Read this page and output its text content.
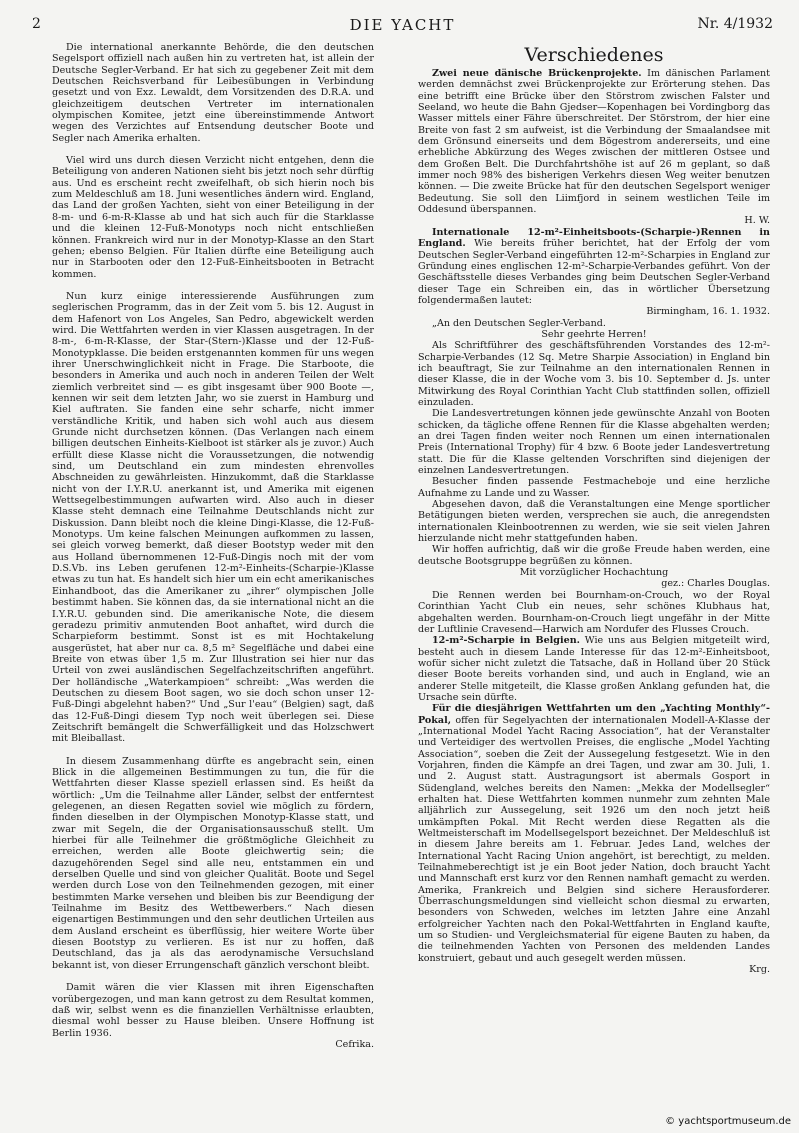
2	DIE YACHT	Nr. 4/1932

Die international anerkannte Behörde, die den deutschen Segelsport offiziell nach außen hin zu vertreten hat, ist allein der Deutsche Segler-Verband. Er hat sich zu gegebener Zeit mit dem Deutschen Reichsverband für Leibesübungen in Verbindung gesetzt und von Exz. Lewaldt, dem Vorsitzenden des D.R.A. und gleichzeitigem deutschen Vertreter im internationalen olympischen Komitee, jetzt eine übereinstimmende Antwort wegen des Verzichtes auf Entsendung deutscher Boote und Segler nach Amerika erhalten.

Viel wird uns durch diesen Verzicht nicht entgehen, denn die Beteiligung von anderen Nationen sieht bis jetzt noch sehr dürftig aus. Und es erscheint recht zweifelhaft, ob sich hierin noch bis zum Meldeschluß am 18. Juni wesentliches ändern wird. England, das Land der großen Yachten, sieht von einer Beteiligung in der 8-m- und 6-m-R-Klasse ab und hat sich auch für die Starklasse und die kleinen 12-Fuß-Monotyps noch nicht entschließen können. Frankreich wird nur in der Monotyp-Klasse an den Start gehen; ebenso Belgien. Für Italien dürfte eine Beteiligung auch nur in Starbooten oder den 12-Fuß-Einheitsbooten in Betracht kommen.

Nun kurz einige interessierende Ausführungen zum seglerischen Programm, das in der Zeit vom 5. bis 12. August in dem Hafenort von Los Angeles, San Pedro, abgewickelt werden wird. Die Wettfahrten werden in vier Klassen ausgetragen. In der 8-m-, 6-m-R-Klasse, der Star-(Stern-)Klasse und der 12-Fuß-Monotypklasse. Die beiden erstgenannten kommen für uns wegen ihrer Unerschwinglichkeit nicht in Frage. Die Starboote, die besonders in Amerika und auch noch in anderen Teilen der Welt ziemlich verbreitet sind — es gibt insgesamt über 900 Boote —, kennen wir seit dem letzten Jahr, wo sie zuerst in Hamburg und Kiel auftraten. Sie fanden eine sehr scharfe, nicht immer verständliche Kritik, und haben sich wohl auch aus diesem Grunde nicht durchsetzen können. (Das Verlangen nach einem billigen deutschen Einheits-Kielboot ist stärker als je zuvor.) Auch erfüllt diese Klasse nicht die Voraussetzungen, die notwendig sind, um Deutschland ein zum mindesten ehrenvolles Abschneiden zu gewährleisten. Hinzukommt, daß die Starklasse nicht von der I.Y.R.U. anerkannt ist, und Amerika mit eigenen Wettsegelbestimmungen aufwarten wird. Also auch in dieser Klasse steht demnach eine Teilnahme Deutschlands nicht zur Diskussion. Dann bleibt noch die kleine Dingi-Klasse, die 12-Fuß-Monotyps. Um keine falschen Meinungen aufkommen zu lassen, sei gleich vorweg bemerkt, daß dieser Bootstyp weder mit den aus Holland übernommenen 12-Fuß-Dingis noch mit der vom D.S.Vb. ins Leben gerufenen 12-m²-Einheits-(Scharpie-)Klasse etwas zu tun hat. Es handelt sich hier um ein echt amerikanisches Einhandboot, das die Amerikaner zu „ihrer“ olympischen Jolle bestimmt haben. Sie können das, da sie international nicht an die I.Y.R.U. gebunden sind. Die amerikanische Note, die diesem geradezu primitiv anmutenden Boot anhaftet, wird durch die Scharpieform bestimmt. Sonst ist es mit Hochtakelung ausgerüstet, hat aber nur ca. 8,5 m² Segelfläche und dabei eine Breite von etwas über 1,5 m. Zur Illustration sei hier nur das Urteil von zwei ausländischen Segelfachzeitschriften angeführt. Der holländische „Waterkampioen“ schreibt: „Was werden die Deutschen zu diesem Boot sagen, wo sie doch schon unser 12-Fuß-Dingi abgelehnt haben?“ Und „Sur l'eau“ (Belgien) sagt, daß das 12-Fuß-Dingi diesem Typ noch weit überlegen sei. Diese Zeitschrift bemängelt die Schwerfälligkeit und das Holzschwert mit Bleiballast.

In diesem Zusammenhang dürfte es angebracht sein, einen Blick in die allgemeinen Bestimmungen zu tun, die für die Wettfahrten dieser Klasse speziell erlassen sind. Es heißt da wörtlich: „Um die Teilnahme aller Länder, selbst der entferntest gelegenen, an diesen Regatten soviel wie möglich zu fördern, finden dieselben in der Olympischen Monotyp-Klasse statt, und zwar mit Segeln, die der Organisationsausschuß stellt. Um hierbei für alle Teilnehmer die größtmögliche Gleichheit zu erreichen, werden alle Boote gleichwertig sein; die dazugehörenden Segel sind alle neu, entstammen ein und derselben Quelle und sind von gleicher Qualität. Boote und Segel werden durch Lose von den Teilnehmenden gezogen, mit einer bestimmten Marke versehen und bleiben bis zur Beendigung der Teilnahme im Besitz des Wettbewerbers.“ Nach diesen eigenartigen Bestimmungen und den sehr deutlichen Urteilen aus dem Ausland erscheint es überflüssig, hier weitere Worte über diesen Bootstyp zu verlieren. Es ist nur zu hoffen, daß Deutschland, das ja als das aerodynamische Versuchsland bekannt ist, von dieser Errungenschaft gänzlich verschont bleibt.

Damit wären die vier Klassen mit ihren Eigenschaften vorübergezogen, und man kann getrost zu dem Resultat kommen, daß wir, selbst wenn es die finanziellen Verhältnisse erlaubten, diesmal wohl besser zu Hause bleiben. Unsere Hoffnung ist Berlin 1936.

Cefrika.

Verschiedenes

Zwei neue dänische Brückenprojekte. Im dänischen Parlament werden demnächst zwei Brückenprojekte zur Erörterung stehen. Das eine betrifft eine Brücke über den Störstrom zwischen Falster und Seeland, wo heute die Bahn Gjedser—Kopenhagen bei Vordingborg das Wasser mittels einer Fähre überschreitet. Der Störstrom, der hier eine Breite von fast 2 sm aufweist, ist die Verbindung der Smaalandsee mit dem Grönsund einerseits und dem Bögestrom andererseits, und eine erhebliche Abkürzung des Weges zwischen der mittleren Ostsee und dem Großen Belt. Die Durchfahrtshöhe ist auf 26 m geplant, so daß immer noch 98% des bisherigen Verkehrs diesen Weg weiter benutzen können. — Die zweite Brücke hat für den deutschen Segelsport weniger Bedeutung. Sie soll den Liimfjord in seinem westlichen Teile im Oddesund überspannen.

H. W.

Internationale 12-m²-Einheitsboots-(Scharpie-)Rennen in England. Wie bereits früher berichtet, hat der Erfolg der vom Deutschen Segler-Verband eingeführten 12-m²-Scharpies in England zur Gründung eines englischen 12-m²-Scharpie-Verbandes geführt. Von der Geschäftsstelle dieses Verbandes ging beim Deutschen Segler-Verband dieser Tage ein Schreiben ein, das in wörtlicher Übersetzung folgendermaßen lautet:

Birmingham, 16. 1. 1932.

„An den Deutschen Segler-Verband.

Sehr geehrte Herren!

Als Schriftführer des geschäftsführenden Vorstandes des 12-m²-Scharpie-Verbandes (12 Sq. Metre Sharpie Association) in England bin ich beauftragt, Sie zur Teilnahme an den internationalen Rennen in dieser Klasse, die in der Woche vom 3. bis 10. September d. Js. unter Mitwirkung des Royal Corinthian Yacht Club stattfinden sollen, offiziell einzuladen.

Die Landesvertretungen können jede gewünschte Anzahl von Booten schicken, da tägliche offene Rennen für die Klasse abgehalten werden; an drei Tagen finden weiter noch Rennen um einen internationalen Preis (International Trophy) für 4 bzw. 6 Boote jeder Landesvertretung statt. Die für die Klasse geltenden Vorschriften sind diejenigen der einzelnen Landesvertretungen.

Besucher finden passende Festmacheboje und eine herzliche Aufnahme zu Lande und zu Wasser.

Abgesehen davon, daß die Veranstaltungen eine Menge sportlicher Betätigungen bieten werden, versprechen sie auch, die anregendsten internationalen Kleinbootrennen zu werden, wie sie seit vielen Jahren hierzulande nicht mehr stattgefunden haben.

Wir hoffen aufrichtig, daß wir die große Freude haben werden, eine deutsche Bootsgruppe begrüßen zu können.

Mit vorzüglicher Hochachtung

gez.: Charles Douglas.

Die Rennen werden bei Bournham-on-Crouch, wo der Royal Corinthian Yacht Club ein neues, sehr schönes Klubhaus hat, abgehalten werden. Bournham-on-Crouch liegt ungefähr in der Mitte der Luftlinie Cravesend—Harwich am Nordufer des Flusses Crouch.

12-m²-Scharpie in Belgien. Wie uns aus Belgien mitgeteilt wird, besteht auch in diesem Lande Interesse für das 12-m²-Einheitsboot, wofür sicher nicht zuletzt die Tatsache, daß in Holland über 20 Stück dieser Boote bereits vorhanden sind, und auch in England, wie an anderer Stelle mitgeteilt, die Klasse großen Anklang gefunden hat, die Ursache sein dürfte.

Für die diesjährigen Wettfahrten um den „Yachting Monthly“-Pokal, offen für Segelyachten der internationalen Modell-A-Klasse der „International Model Yacht Racing Association“, hat der Veranstalter und Verteidiger des wertvollen Preises, die englische „Model Yachting Association“, soeben die Zeit der Aussegelung festgesetzt. Wie in den Vorjahren, finden die Kämpfe an drei Tagen, und zwar am 30. Juli, 1. und 2. August statt. Austragungsort ist abermals Gosport in Südengland, welches bereits den Namen: „Mekka der Modellsegler“ erhalten hat. Diese Wettfahrten kommen nunmehr zum zehnten Male alljährlich zur Aussegelung, seit 1926 um den noch jetzt heiß umkämpften Pokal. Mit Recht werden diese Regatten als die Weltmeisterschaft im Modellsegelsport bezeichnet. Der Meldeschluß ist in diesem Jahre bereits am 1. Februar. Jedes Land, welches der International Yacht Racing Union angehört, ist berechtigt, zu melden. Teilnahmeberechtigt ist je ein Boot jeder Nation, doch braucht Yacht und Mannschaft erst kurz vor den Rennen namhaft gemacht zu werden. Amerika, Frankreich und Belgien sind sichere Herausforderer. Überraschungsmeldungen sind vielleicht schon diesmal zu erwarten, besonders von Schweden, welches im letzten Jahre eine Anzahl erfolgreicher Yachten nach den Pokal-Wettfahrten in England kaufte, um so Studien- und Vergleichsmaterial für eigene Bauten zu haben, da die teilnehmenden Yachten von Personen des meldenden Landes konstruiert, gebaut und auch gesegelt werden müssen.

Krg.

© yachtsportmuseum.de
